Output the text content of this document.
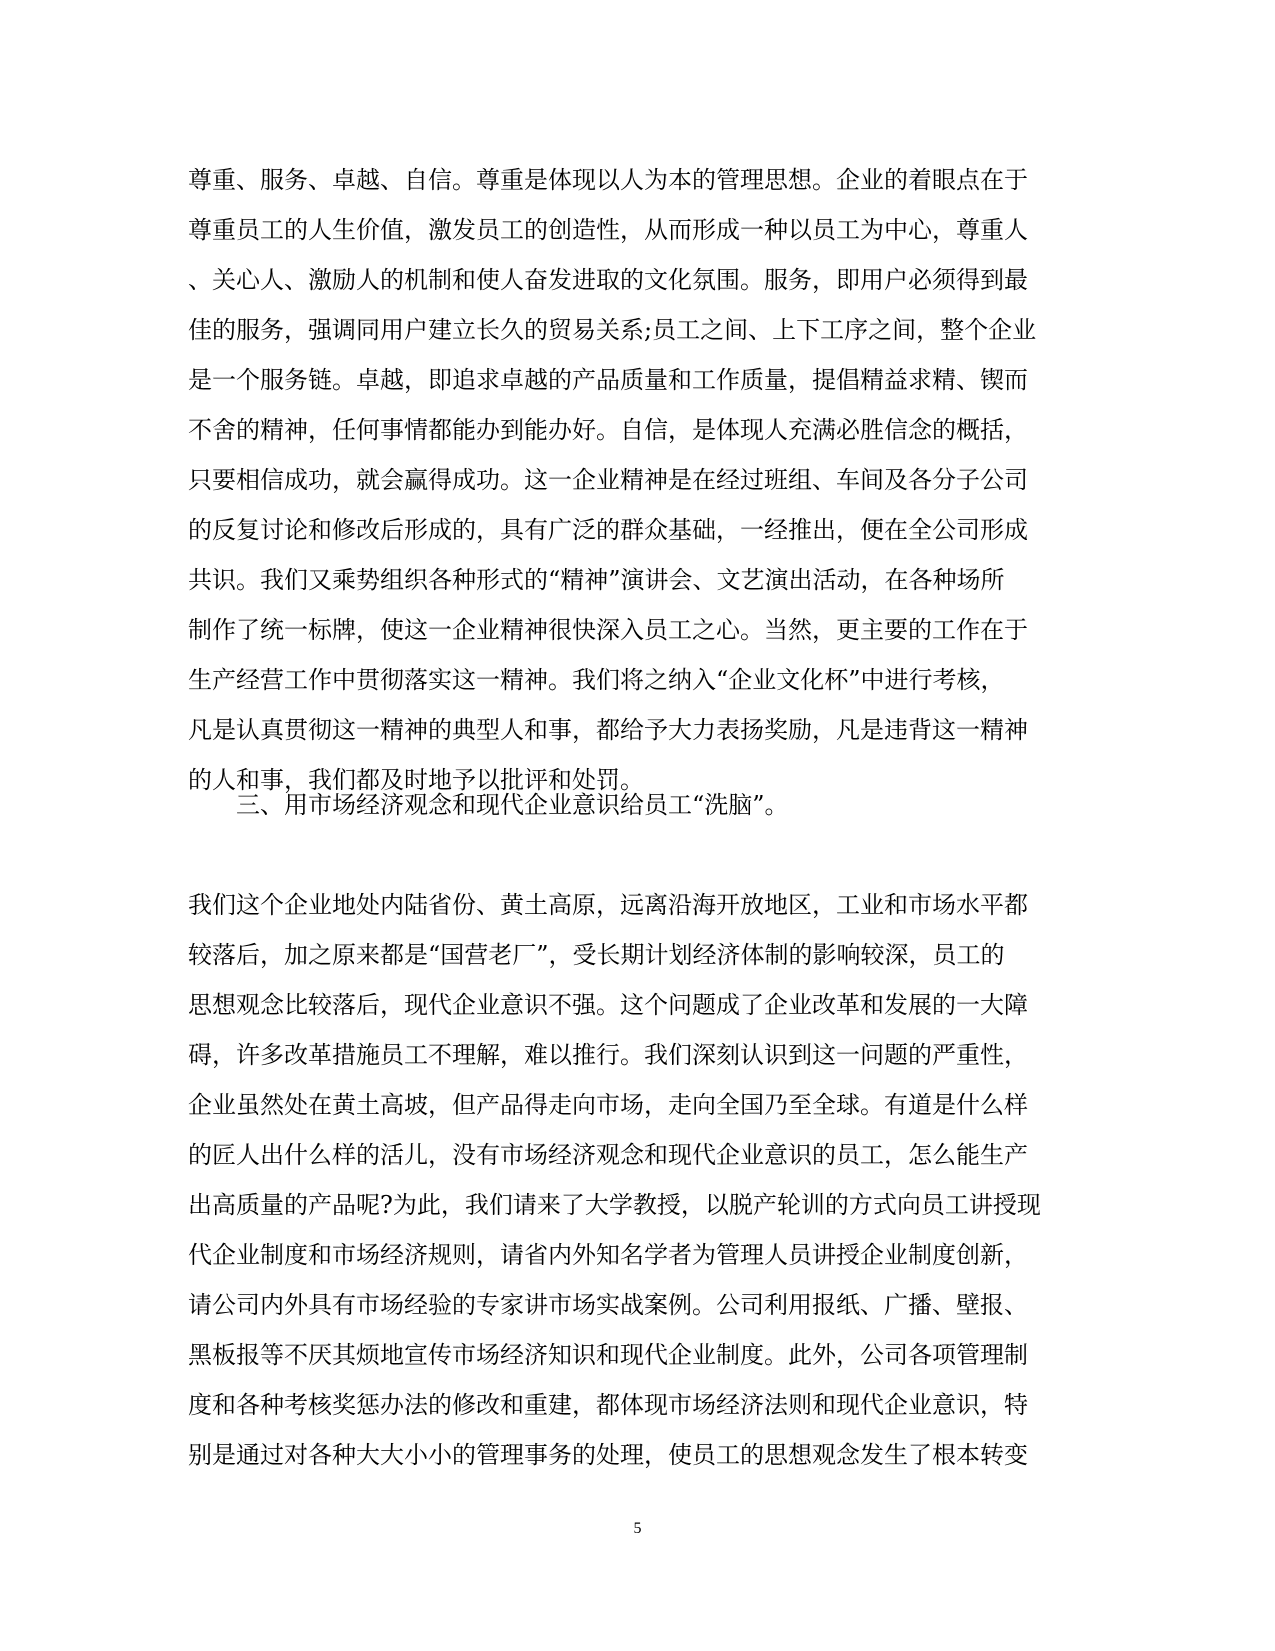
尊重、服务、卓越、自信。尊重是体现以人为本的管理思想。企业的着眼点在于
尊重员工的人生价值，激发员工的创造性，从而形成一种以员工为中心，尊重人
、关心人、激励人的机制和使人奋发进取的文化氛围。服务，即用户必须得到最
佳的服务，强调同用户建立长久的贸易关系;员工之间、上下工序之间，整个企业
是一个服务链。卓越，即追求卓越的产品质量和工作质量，提倡精益求精、锲而
不舍的精神，任何事情都能办到能办好。自信，是体现人充满必胜信念的概括，
只要相信成功，就会赢得成功。这一企业精神是在经过班组、车间及各分子公司
的反复讨论和修改后形成的，具有广泛的群众基础，一经推出，便在全公司形成
共识。我们又乘势组织各种形式的“精神”演讲会、文艺演出活动，在各种场所
制作了统一标牌，使这一企业精神很快深入员工之心。当然，更主要的工作在于
生产经营工作中贯彻落实这一精神。我们将之纳入“企业文化杯”中进行考核，
凡是认真贯彻这一精神的典型人和事，都给予大力表扬奖励，凡是违背这一精神
的人和事，我们都及时地予以批评和处罚。
三、用市场经济观念和现代企业意识给员工“洗脑”。
我们这个企业地处内陆省份、黄土高原，远离沿海开放地区，工业和市场水平都
较落后，加之原来都是“国营老厂”，受长期计划经济体制的影响较深，员工的
思想观念比较落后，现代企业意识不强。这个问题成了企业改革和发展的一大障
碍，许多改革措施员工不理解，难以推行。我们深刻认识到这一问题的严重性，
企业虽然处在黄土高坡，但产品得走向市场，走向全国乃至全球。有道是什么样
的匠人出什么样的活儿，没有市场经济观念和现代企业意识的员工，怎么能生产
出高质量的产品呢?为此，我们请来了大学教授，以脱产轮训的方式向员工讲授现
代企业制度和市场经济规则，请省内外知名学者为管理人员讲授企业制度创新，
请公司内外具有市场经验的专家讲市场实战案例。公司利用报纸、广播、壁报、
黑板报等不厌其烦地宣传市场经济知识和现代企业制度。此外，公司各项管理制
度和各种考核奖惩办法的修改和重建，都体现市场经济法则和现代企业意识，特
别是通过对各种大大小小的管理事务的处理，使员工的思想观念发生了根本转变
5
